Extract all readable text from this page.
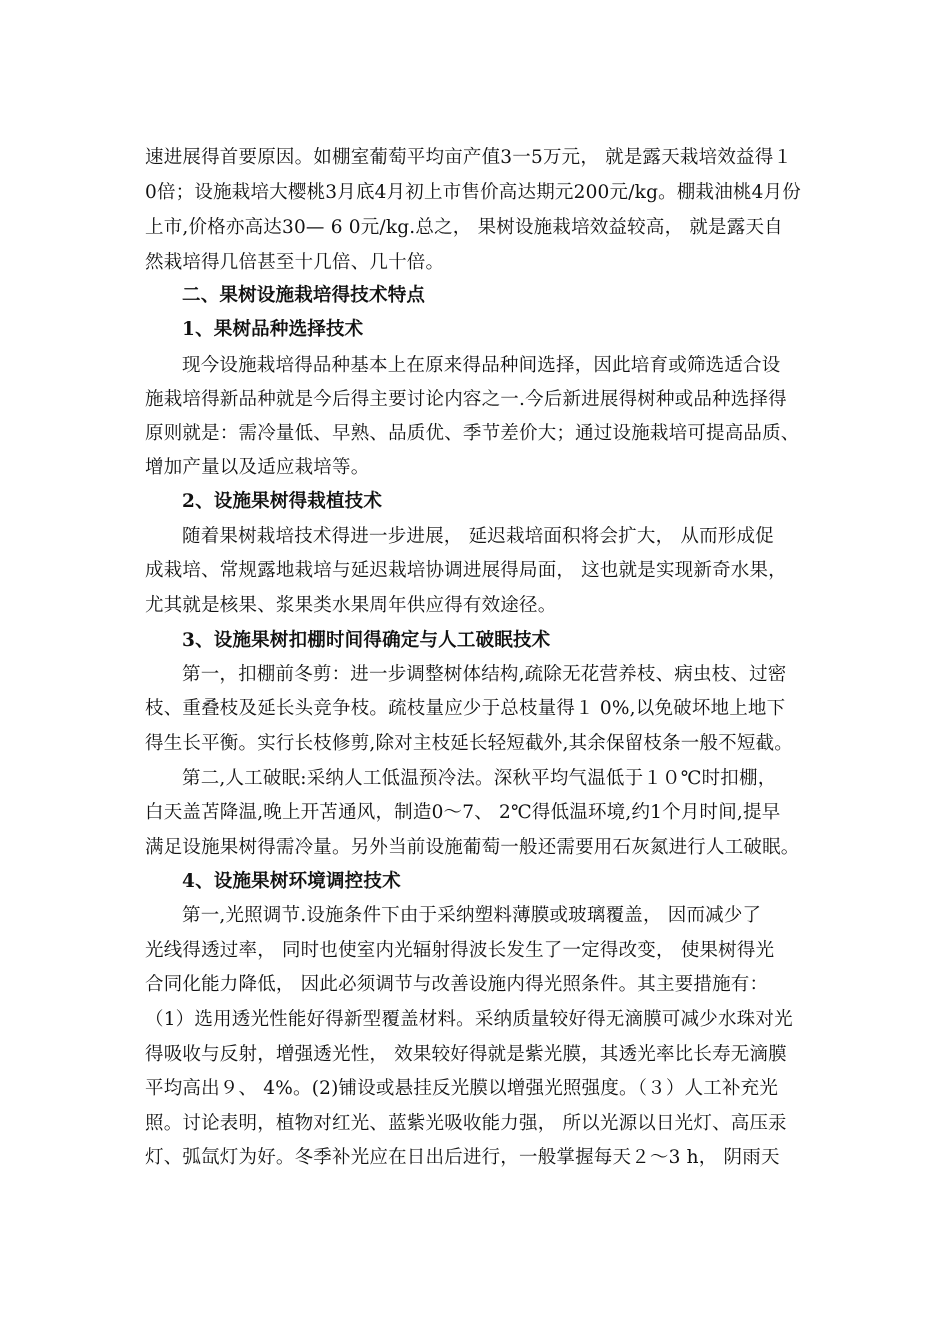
速进展得首要原因。如棚室葡萄平均亩产值3一5万元， 就是露天栽培效益得１
0倍；设施栽培大樱桃3月底4月初上市售价高达期元200元/kg。棚栽油桃4月份
上市,价格亦高达30— 6 0元/kg.总之， 果树设施栽培效益较高， 就是露天自
然栽培得几倍甚至十几倍、几十倍。
二、果树设施栽培得技术特点
1、果树品种选择技术
现今设施栽培得品种基本上在原来得品种间选择，因此培育或筛选适合设
施栽培得新品种就是今后得主要讨论内容之一.今后新进展得树种或品种选择得
原则就是：需冷量低、早熟、品质优、季节差价大；通过设施栽培可提高品质、
增加产量以及适应栽培等。
2、设施果树得栽植技术
随着果树栽培技术得进一步进展， 延迟栽培面积将会扩大， 从而形成促
成栽培、常规露地栽培与延迟栽培协调进展得局面， 这也就是实现新奇水果，
尤其就是核果、浆果类水果周年供应得有效途径。
3、设施果树扣棚时间得确定与人工破眠技术
第一，扣棚前冬剪：进一步调整树体结构,疏除无花营养枝、病虫枝、过密
枝、重叠枝及延长头竞争枝。疏枝量应少于总枝量得１ 0%,以免破坏地上地下
得生长平衡。实行长枝修剪,除对主枝延长轻短截外,其余保留枝条一般不短截。
第二,人工破眠:采纳人工低温预冷法。深秋平均气温低于１０℃时扣棚，
白天盖苫降温,晚上开苫通风，制造0～7、 2℃得低温环境,约1个月时间,提早
满足设施果树得需冷量。另外当前设施葡萄一般还需要用石灰氮进行人工破眠。
4、设施果树环境调控技术
第一,光照调节.设施条件下由于采纳塑料薄膜或玻璃覆盖， 因而减少了
光线得透过率， 同时也使室内光辐射得波长发生了一定得改变， 使果树得光
合同化能力降低， 因此必须调节与改善设施内得光照条件。其主要措施有：
（1）选用透光性能好得新型覆盖材料。采纳质量较好得无滴膜可减少水珠对光
得吸收与反射，增强透光性， 效果较好得就是紫光膜，其透光率比长寿无滴膜
平均高出９、 4%。(2)铺设或悬挂反光膜以增强光照强度。（３）人工补充光
照。讨论表明，植物对红光、蓝紫光吸收能力强， 所以光源以日光灯、高压汞
灯、弧氙灯为好。冬季补光应在日出后进行，一般掌握每天２～3 h， 阴雨天
